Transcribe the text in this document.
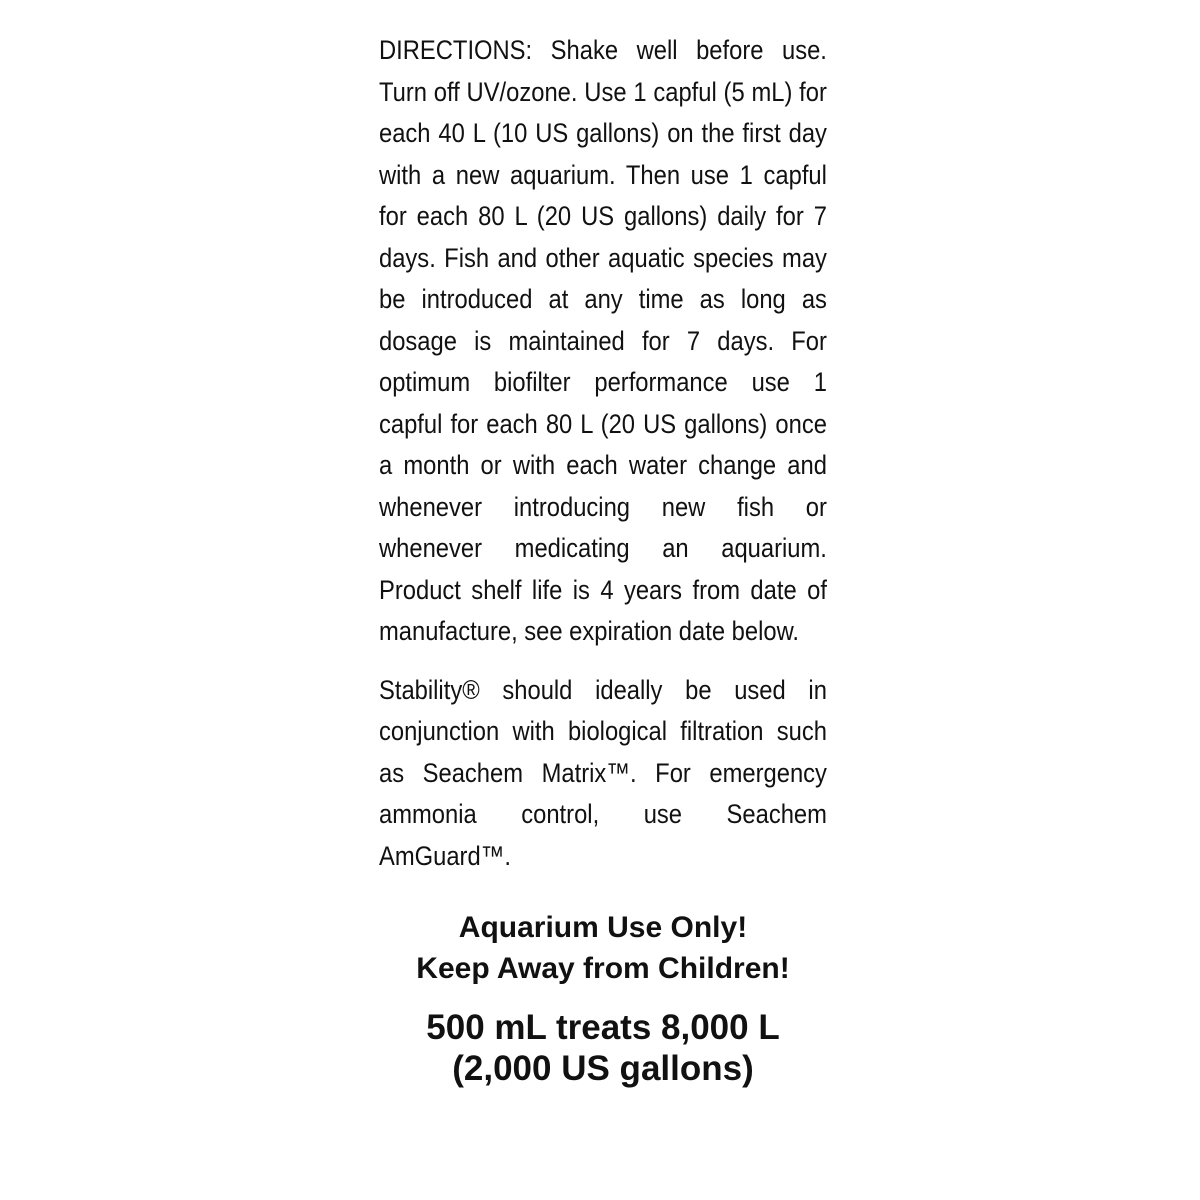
DIRECTIONS: Shake well before use. Turn off UV/ozone. Use 1 capful (5 mL) for each 40 L (10 US gallons) on the first day with a new aquarium. Then use 1 capful for each 80 L (20 US gallons) daily for 7 days. Fish and other aquatic species may be introduced at any time as long as dosage is maintained for 7 days. For optimum biofilter performance use 1 capful for each 80 L (20 US gallons) once a month or with each water change and whenever introducing new fish or whenever medicating an aquarium. Product shelf life is 4 years from date of manufacture, see expiration date below.

Stability® should ideally be used in conjunction with biological filtration such as Seachem Matrix™. For emergency ammonia control, use Seachem AmGuard™.

Aquarium Use Only!
Keep Away from Children!
500 mL treats 8,000 L
(2,000 US gallons)
